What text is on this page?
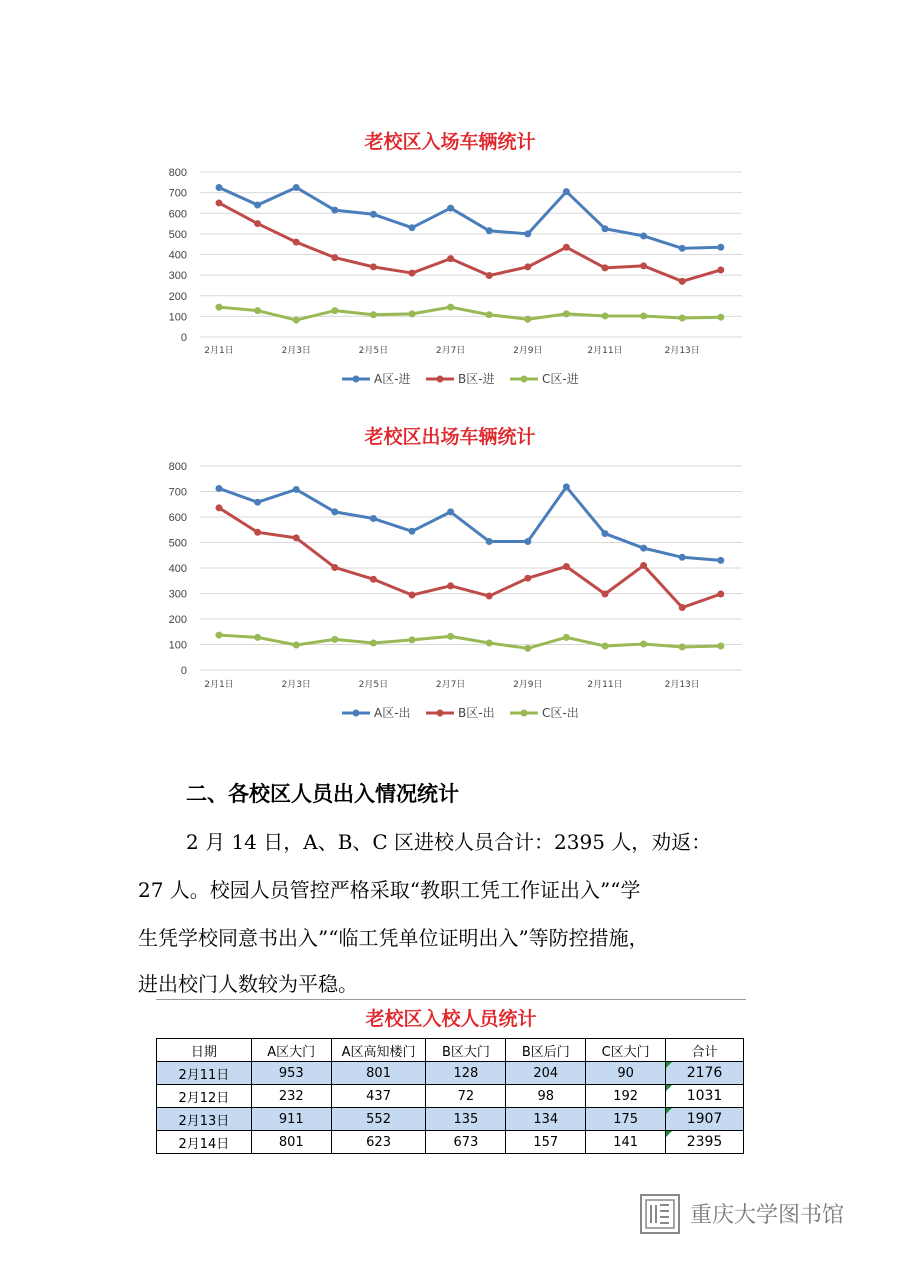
老校区入场车辆统计
0
100
200
300
400
500
600
700
800
2月1日	2月3日	2月5日	2月7日	2月9日	2月11日	2月13日
A区-进	B区-进	C区-进
老校区出场车辆统计
0
100
200
300
400
500
600
700
800
2月1日	2月3日	2月5日	2月7日	2月9日	2月11日	2月13日
A区-出	B区-出	C区-出
二、各校区人员出入情况统计
2 月 14 日，A、B、C 区进校人员合计：2395 人，劝返：
27 人。校园人员管控严格采取“教职工凭工作证出入”“学
生凭学校同意书出入”“临工凭单位证明出入”等防控措施，
进出校门人数较为平稳。
老校区入校人员统计
日期	A区大门	A区高知楼门	B区大门	B区后门	C区大门	合计
2月11日	953	801	128	204	90	2176
2月12日	232	437	72	98	192	1031
2月13日	911	552	135	134	175	1907
2月14日	801	623	673	157	141	2395
重庆大学图书馆
